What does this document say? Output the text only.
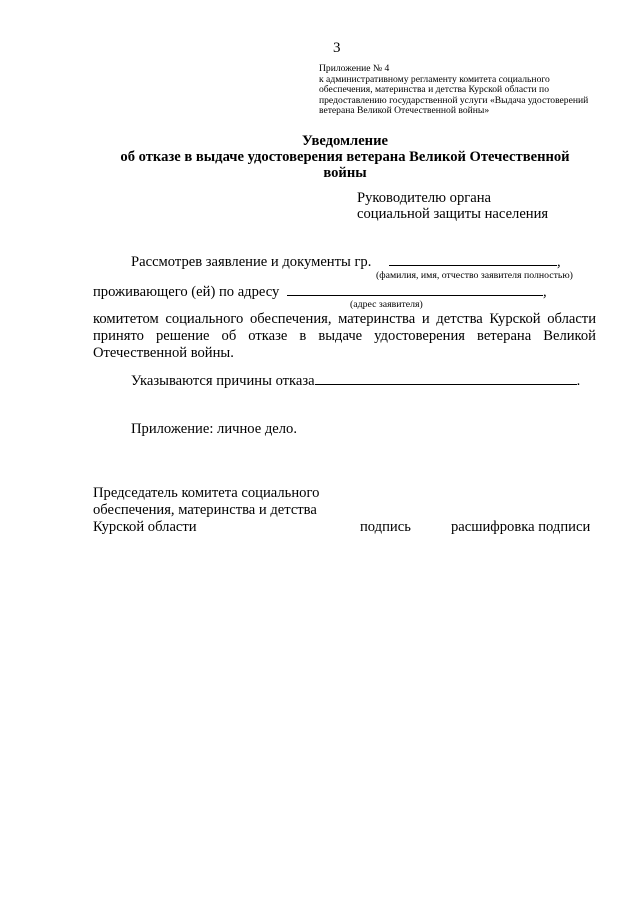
3
Приложение № 4
к административному регламенту комитета социального
обеспечения, материнства и детства Курской области по
предоставлению государственной услуги «Выдача удостоверений
ветерана Великой Отечественной войны»
Уведомление
об отказе в выдаче удостоверения ветерана Великой Отечественной
войны
Руководителю органа
социальной защиты населения
Рассмотрев заявление и документы гр.	,
(фамилия, имя, отчество заявителя полностью)
проживающего (ей) по адресу	,
(адрес заявителя)
комитетом социального обеспечения, материнства и детства Курской области принято решение об отказе в выдаче удостоверения ветерана Великой Отечественной войны.
Указываются причины отказа	.
Приложение: личное дело.
Председатель комитета социального
обеспечения, материнства и детства
Курской области	подпись	расшифровка подписи
